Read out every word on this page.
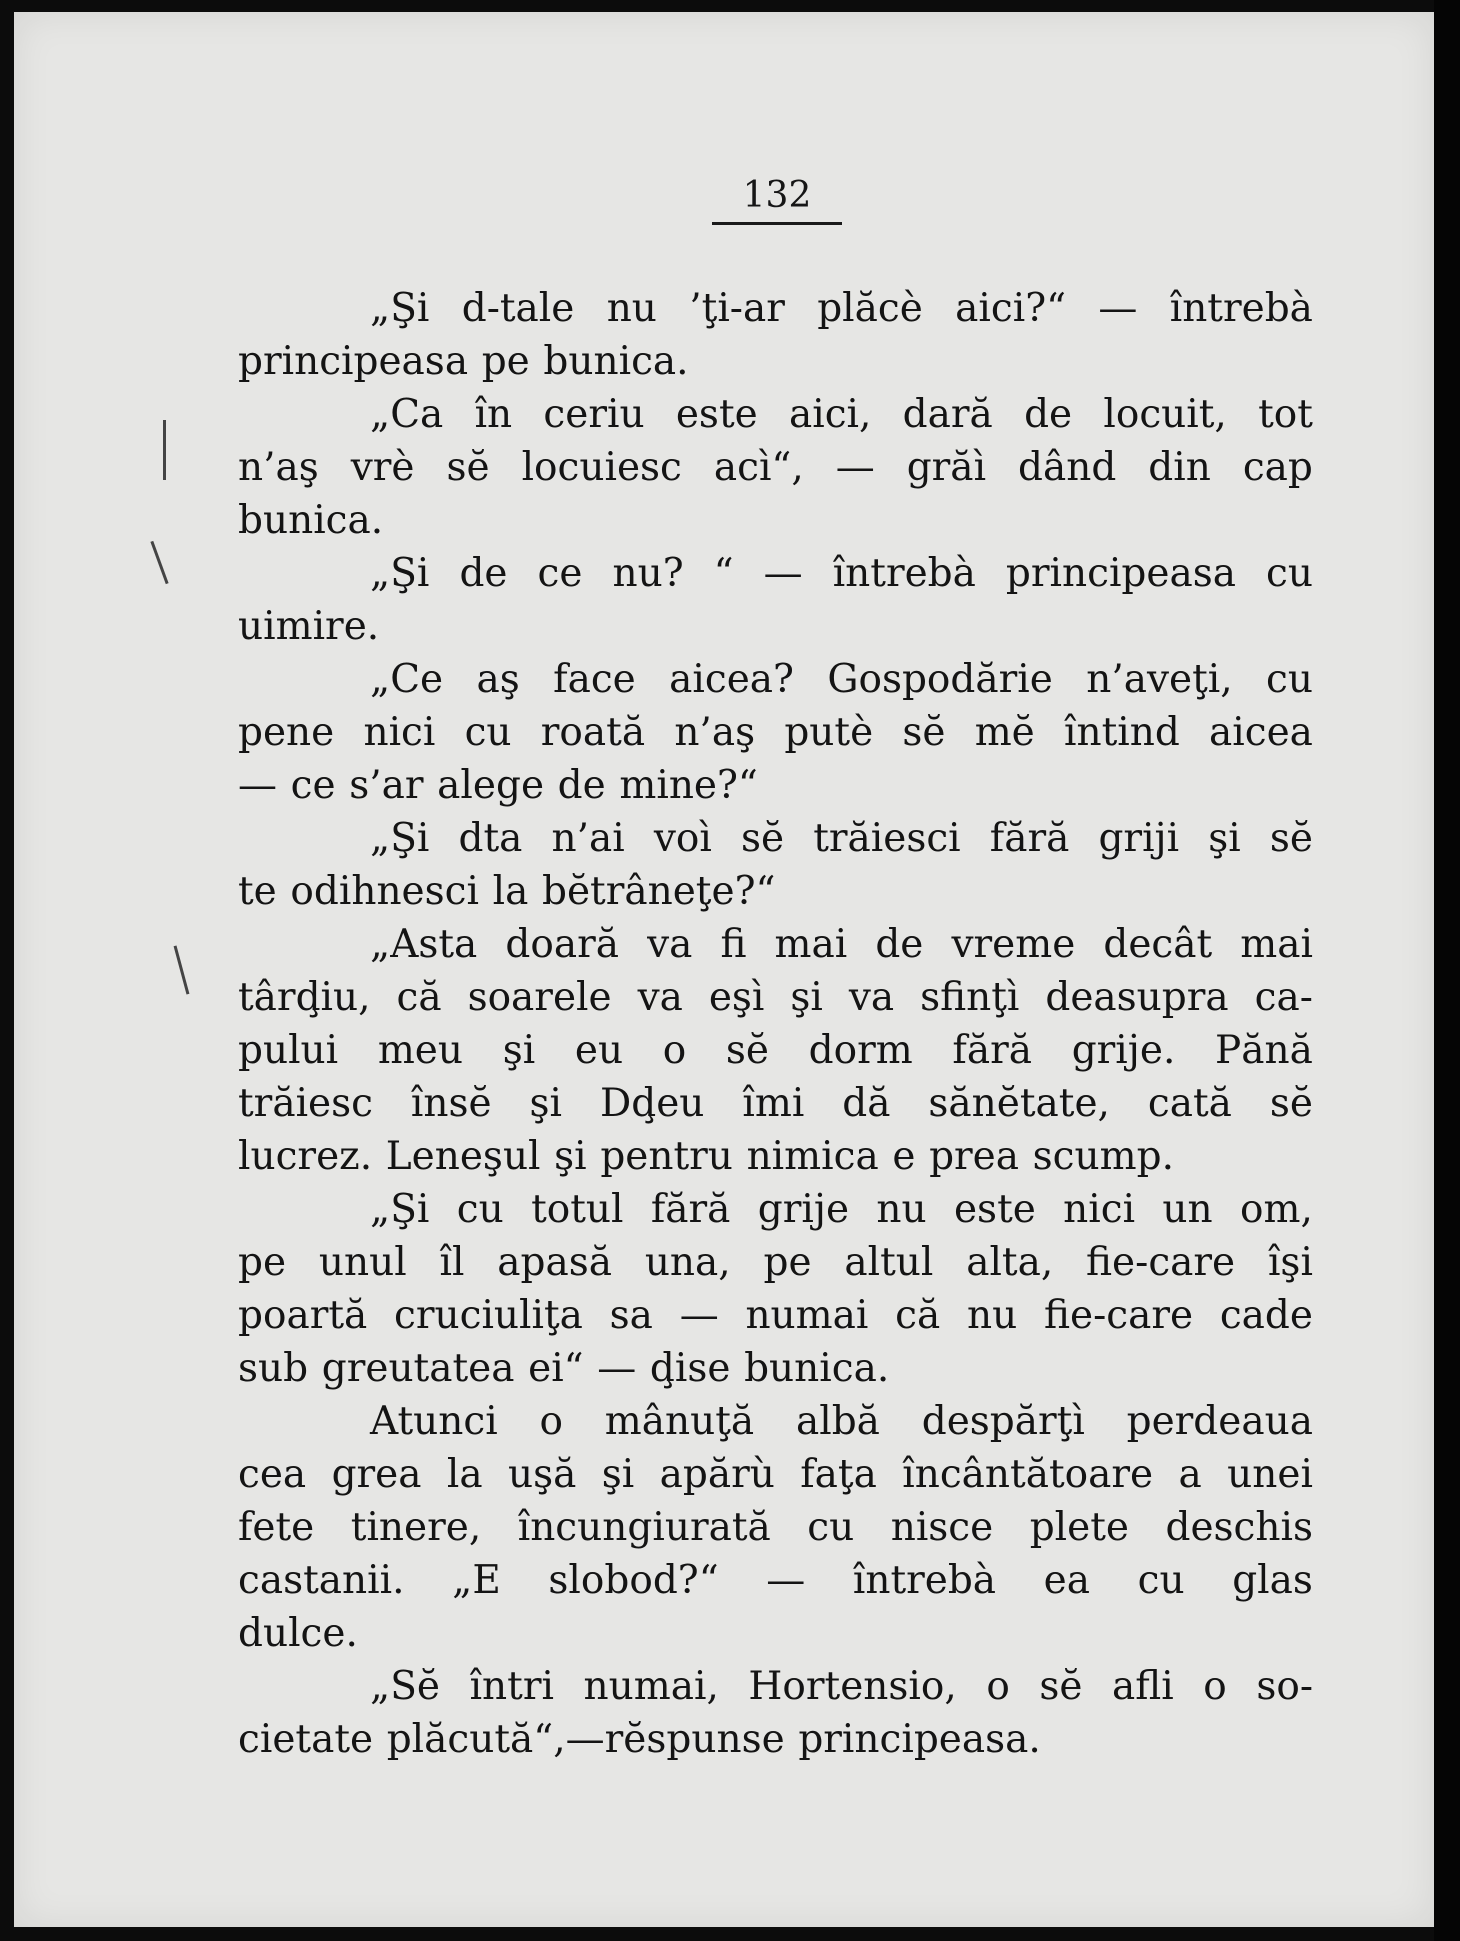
132
„Şi d-tale nu ’ţi-ar plăcè aici?“ — întrebà
principeasa pe bunica.
„Ca în ceriu este aici, dară de locuit, tot
n’aş vrè sĕ locuiesc acì“, — grăì dând din cap
bunica.
„Şi de ce nu? “ — întrebà principeasa cu
uimire.
„Ce aş face aicea? Gospodărie n’aveţi, cu
pene nici cu roată n’aş putè sĕ mĕ întind aicea
— ce s’ar alege de mine?“
„Şi dta n’ai voì sĕ trăiesci fără griji şi sĕ
te odihnesci la bĕtrâneţe?“
„Asta doară va fi mai de vreme decât mai
târḑiu, că soarele va eşì şi va sfinţì deasupra ca-
pului meu şi eu o sĕ dorm fără grije. Pănă
trăiesc însĕ şi Dḑeu îmi dă sănĕtate, cată sĕ
lucrez. Leneşul şi pentru nimica e prea scump.
„Şi cu totul fără grije nu este nici un om,
pe unul îl apasă una, pe altul alta, fie-care îşi
poartă cruciuliţa sa — numai că nu fie-care cade
sub greutatea ei“ — ḑise bunica.
Atunci o mânuţă albă despărţì perdeaua
cea grea la uşă şi apărù faţa încântătoare a unei
fete tinere, încungiurată cu nisce plete deschis
castanii. „E slobod?“ — întrebà ea cu glas
dulce.
„Sĕ întri numai, Hortensio, o sĕ afli o so-
cietate plăcută“,—rĕspunse principeasa.
